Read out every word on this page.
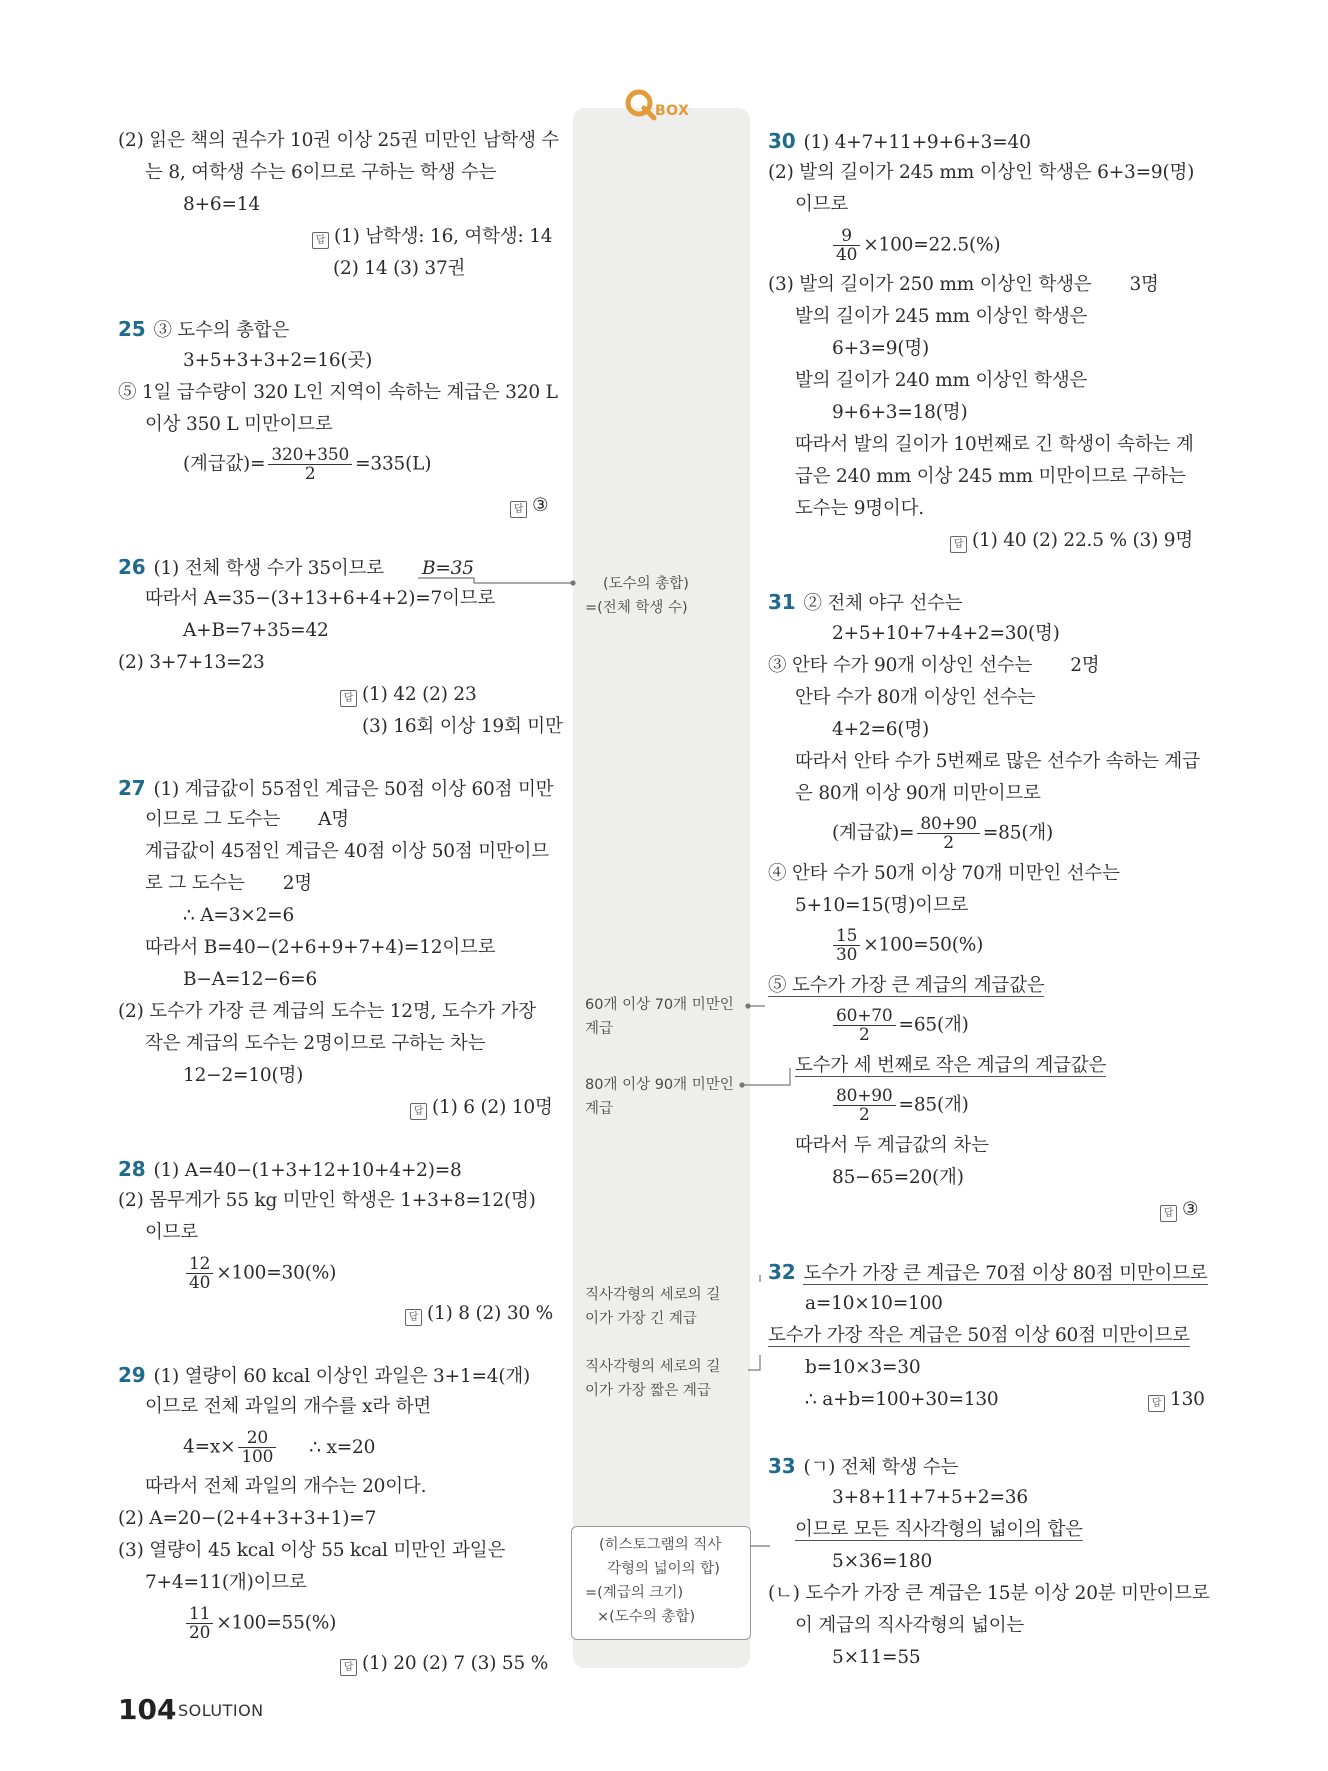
BOX
(도수의 총합)
=(전체 학생 수)
60개 이상 70개 미만인
계급
80개 이상 90개 미만인
계급
직사각형의 세로의 길
이가 가장 긴 계급
직사각형의 세로의 길
이가 가장 짧은 계급
(히스토그램의 직사
각형의 넓이의 합)
=(계급의 크기)
×(도수의 총합)
(2) 읽은 책의 권수가 10권 이상 25권 미만인 남학생 수
는 8, 여학생 수는 6이므로 구하는 학생 수는
8+6=14
답 (1) 남학생: 16, 여학생: 14
(2) 14 (3) 37권
25 ③ 도수의 총합은
3+5+3+3+2=16(곳)
⑤ 1일 급수량이 320 L인 지역이 속하는 계급은 320 L
이상 350 L 미만이므로
(계급값)= $\frac{320+350}{2} =335(L)$
답 ③
26 (1) 전체 학생 수가 35이므로 B=35
따라서 A=35−(3+13+6+4+2)=7이므로
A+B=7+35=42
(2) 3+7+13=23
답 (1) 42 (2) 23
(3) 16회 이상 19회 미만
27 (1) 계급값이 55점인 계급은 50점 이상 60점 미만
이므로 그 도수는 A명
계급값이 45점인 계급은 40점 이상 50점 미만이므
로 그 도수는 2명
∴ A=3×2=6
따라서 B=40−(2+6+9+7+4)=12이므로
B−A=12−6=6
(2) 도수가 가장 큰 계급의 도수는 12명, 도수가 가장
작은 계급의 도수는 2명이므로 구하는 차는
12−2=10(명)
답 (1) 6 (2) 10명
28 (1) A=40−(1+3+12+10+4+2)=8
(2) 몸무게가 55 kg 미만인 학생은 1+3+8=12(명)
이므로
$\frac{12}{40} \times 100=30(\%)$
답 (1) 8 (2) 30 %
29 (1) 열량이 60 kcal 이상인 과일은 3+1=4(개)
이므로 전체 과일의 개수를 x라 하면
$4=x\times \frac{20}{100}$ ∴ x=20
따라서 전체 과일의 개수는 20이다.
(2) A=20−(2+4+3+3+1)=7
(3) 열량이 45 kcal 이상 55 kcal 미만인 과일은
7+4=11(개)이므로
$\frac{11}{20} \times 100=55(\%)$
답 (1) 20 (2) 7 (3) 55 %
30 (1) 4+7+11+9+6+3=40
(2) 발의 길이가 245 mm 이상인 학생은 6+3=9(명)
이므로
$\frac{9}{40} \times 100=22.5(\%)$
(3) 발의 길이가 250 mm 이상인 학생은 3명
발의 길이가 245 mm 이상인 학생은
6+3=9(명)
발의 길이가 240 mm 이상인 학생은
9+6+3=18(명)
따라서 발의 길이가 10번째로 긴 학생이 속하는 계
급은 240 mm 이상 245 mm 미만이므로 구하는
도수는 9명이다.
답 (1) 40 (2) 22.5 % (3) 9명
31 ② 전체 야구 선수는
2+5+10+7+4+2=30(명)
③ 안타 수가 90개 이상인 선수는 2명
안타 수가 80개 이상인 선수는
4+2=6(명)
따라서 안타 수가 5번째로 많은 선수가 속하는 계급
은 80개 이상 90개 미만이므로
(계급값)= $\frac{80+90}{2} =85$(개)
④ 안타 수가 50개 이상 70개 미만인 선수는
5+10=15(명)이므로
$\frac{15}{30} \times 100=50(\%)$
⑤ 도수가 가장 큰 계급의 계급값은
$\frac{60+70}{2} =65$(개)
도수가 세 번째로 작은 계급의 계급값은
$\frac{80+90}{2} =85$(개)
따라서 두 계급값의 차는
85−65=20(개)
답 ③
32 도수가 가장 큰 계급은 70점 이상 80점 미만이므로
a=10×10=100
도수가 가장 작은 계급은 50점 이상 60점 미만이므로
b=10×3=30
∴ a+b=100+30=130	답 130
33 (ㄱ) 전체 학생 수는
3+8+11+7+5+2=36
이므로 모든 직사각형의 넓이의 합은
5×36=180
(ㄴ) 도수가 가장 큰 계급은 15분 이상 20분 미만이므로
이 계급의 직사각형의 넓이는
5×11=55
104 SOLUTION
